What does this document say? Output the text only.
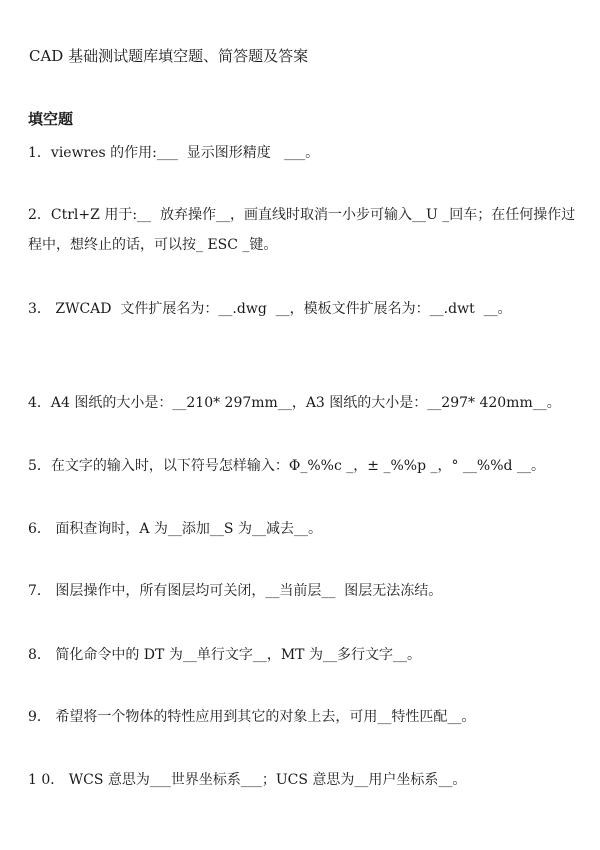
CAD 基础测试题库填空题、简答题及答案
填空题
1．viewres 的作用:___  显示图形精度   ___。
2．Ctrl+Z 用于:__  放弃操作__，画直线时取消一小步可输入__U _回车；在任何操作过程中，想终止的话，可以按_ ESC _键。
3． ZWCAD  文件扩展名为：__.dwg  __，模板文件扩展名为：__.dwt  __。
4．A4 图纸的大小是：__210* 297mm__，A3 图纸的大小是：__297* 420mm__。
5．在文字的输入时，以下符号怎样输入：Φ_%%c _，± _%%p _，° __%%d __。
6． 面积查询时，A 为__添加__S 为__减去__。
7． 图层操作中，所有图层均可关闭，__当前层__  图层无法冻结。
8． 简化命令中的 DT 为__单行文字__，MT 为__多行文字__。
9． 希望将一个物体的特性应用到其它的对象上去，可用__特性匹配__。
1 0． WCS 意思为___世界坐标系___；UCS 意思为__用户坐标系__。
